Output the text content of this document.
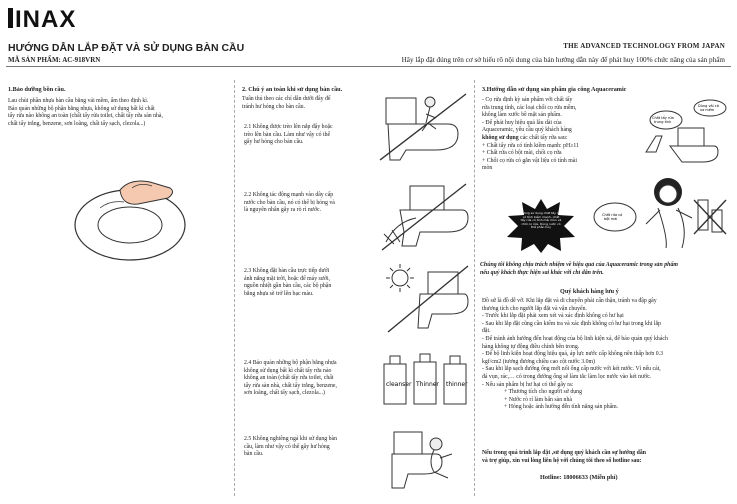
INAX
HƯỚNG DẪN LẮP ĐẶT VÀ SỬ DỤNG BÀN CẦU
MÃ SẢN PHẨM: AC-918VRN
THE ADVANCED TECHNOLOGY FROM JAPAN
Hãy lắp đặt đúng trên cơ sở hiểu rõ nội dung của bản hướng dẫn này để phát huy 100% chức năng của sản phẩm
1.Bảo dưỡng bồn cầu.
Lau chùi phần nhựa bàn cầu bằng vải mềm, ẩm theo định kì.
Bảo quản những bộ phận bằng nhựa, không sử dụng bất kì chất
tẩy rửa nào không an toàn (chất tẩy rửa toilet, chất tẩy rửa sàn nhà,
chất tẩy trắng, benzene, sơn loãng, chất tẩy sạch, clezola...)
2. Chú ý an toàn khi sử dụng bàn cầu.
Tuân thủ theo các chỉ dẫn dưới đây để
tránh hư hỏng cho bàn cầu.
2.1 Không được trèo lên nắp đậy hoặc
trèo lên bàn cầu. Làm như vậy có thể
gây hư hỏng cho bàn cầu.
2.2 Không tác động mạnh vào dây cấp
nước cho bàn cầu, nó có thể bị hỏng và
là nguyên nhân gây ra rò rỉ nước.
2.3 Không đặt bàn cầu trực tiếp dưới
ánh nắng mặt trời, hoặc để máy sưởi,
nguồn nhiệt gần bàn cầu, các bộ phận
bằng nhựa sẽ trở lên bạc màu.
2.4 Bảo quản những bộ phận bằng nhựa
không sử dụng bất kì chất tẩy rửa nào
không an toàn (chất tẩy rửa toilet, chất
tẩy rửa sàn nhà, chất tẩy trắng, benzene,
sơn loãng, chất tẩy sạch, clezola...)
2.5 Không nghiêng ngả khi sử dụng bàn
cầu, làm như vậy có thể gây hư hỏng
bàn cầu.
cleanser Thinner thinner
3.Hướng dẫn sử dụng sản phẩm gia công Aquaceramic
- Cọ rửa định kỳ sản phẩm với chất tẩy
rửa trung tính, các loại chổi cọ rửa mềm,
không làm xước bề mặt sản phẩm.
- Để phát huy hiệu quả lâu dài của
Aquaceramic, yêu cầu quý khách hàng
không sử dụng các chất tẩy rửa sau:
+ Chất tẩy rửa có tính kiềm mạnh: pH≥11
+ Chất rửa có bột mài, chổi cọ rửa
+ Chổi cọ rửa có gắn vật liệu có tính mài
mòn
Chất tẩy rửa trung tính
Dùng vải có xơ mềm
Không sử dụng chất tẩy rửa có tính kiềm mạnh, chất tẩy rửa có tính mài mòn và chổi cọ rửa. Dùng nước có thể phân hủy
Chất rửa có bột mài
Chúng tôi không chịu trách nhiệm về hiệu quả của Aquaceramic trong sản phẩm
nếu quý khách thực hiện sai khác với chỉ dẫn trên.
Quý khách hàng lưu ý
Đồ sứ là đồ dễ vỡ. Khi lắp đặt và di chuyển phải cẩn thận, tránh va đập gây
thương tích cho người lắp đặt và vận chuyển.
- Trước khi lắp đặt phải xem xét và xác định không có hư hại
- Sau khi lắp đặt cũng cần kiểm tra và xác định không có hư hại trong khi lắp
đặt.
- Để tránh ảnh hưởng đến hoạt động của bộ linh kiện xả, để bảo quản quý khách
hàng không tự động điều chỉnh bên trong.
- Để bộ linh kiện hoạt động hiệu quả, áp lực nước cấp không nên thấp hơn 0.3
kgf/cm2 (tương đương chiều cao cột nước 3.0m)
- Sau khi lắp sạch đường ống mới nối ống cấp nước với két nước. Vì nếu cát,
đá vụn, rác,… có trong đường ống sẽ làm tắc làm lọc nước vào két nước.
- Nếu sản phẩm bị hư hại có thể gây ra:
+ Thương tích cho người sử dụng
+ Nước rò rỉ làm bẩn sàn nhà
+ Hỏng hoặc ảnh hưởng đến tính năng sản phẩm.
Nếu trong quá trình lắp đặt ,sử dụng quý khách cần sự hướng dẫn
và trợ giúp, xin vui lòng liên hệ với chúng tôi theo số hotline sau:
Hotline: 18006633 (Miễn phí)
